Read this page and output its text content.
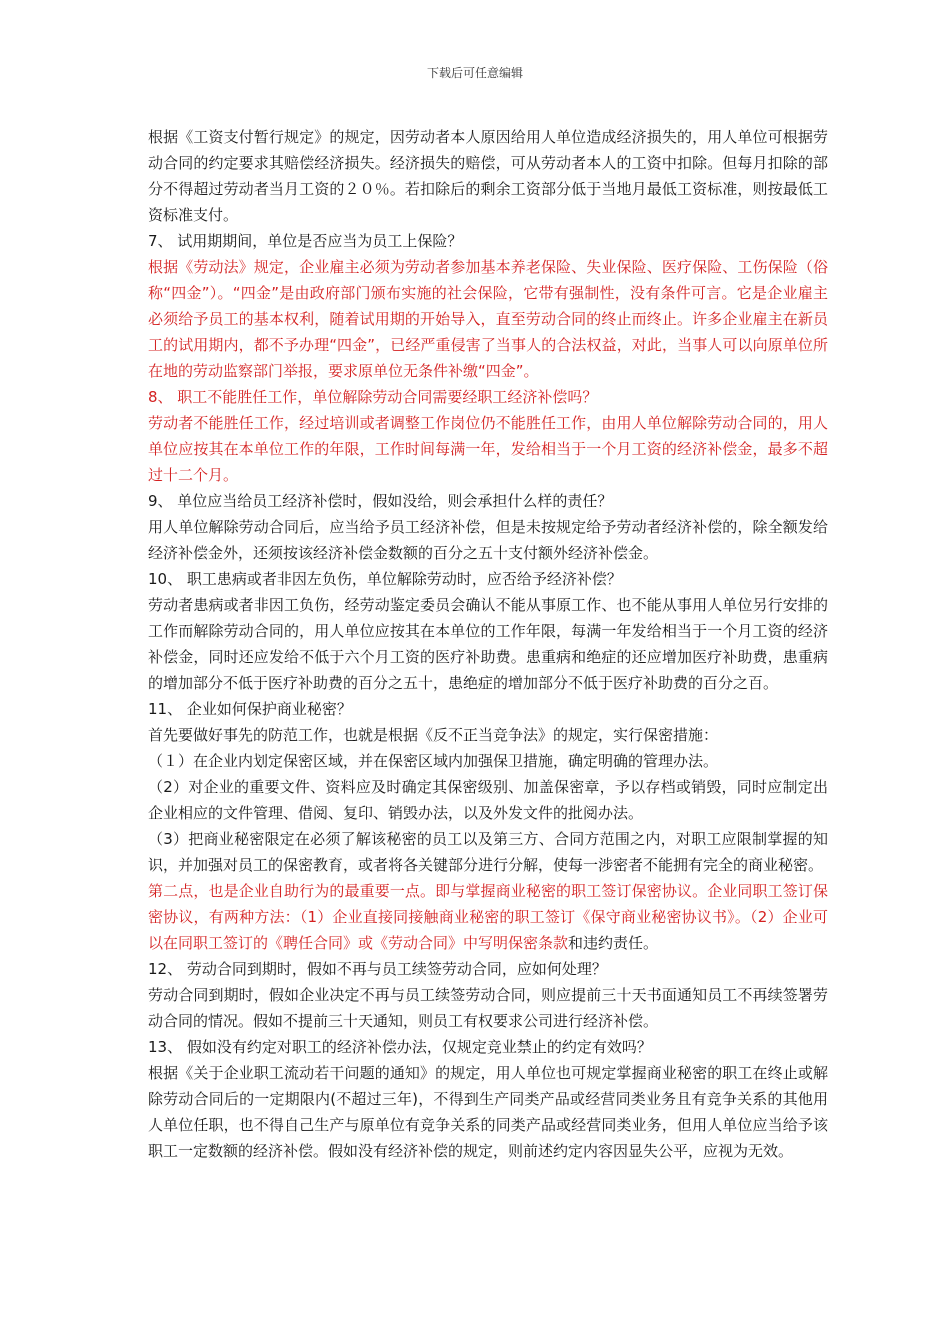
下载后可任意编辑

根据《工资支付暂行规定》的规定，因劳动者本人原因给用人单位造成经济损失的，用人单位可根据劳动合同的约定要求其赔偿经济损失。经济损失的赔偿，可从劳动者本人的工资中扣除。但每月扣除的部分不得超过劳动者当月工资的２０％。若扣除后的剩余工资部分低于当地月最低工资标准，则按最低工资标准支付。

7、 试用期期间，单位是否应当为员工上保险？

根据《劳动法》规定，企业雇主必须为劳动者参加基本养老保险、失业保险、医疗保险、工伤保险（俗称“四金”）。“四金”是由政府部门颁布实施的社会保险，它带有强制性，没有条件可言。它是企业雇主必须给予员工的基本权利，随着试用期的开始导入，直至劳动合同的终止而终止。许多企业雇主在新员工的试用期内，都不予办理“四金”，已经严重侵害了当事人的合法权益，对此，当事人可以向原单位所在地的劳动监察部门举报，要求原单位无条件补缴“四金”。

8、 职工不能胜任工作，单位解除劳动合同需要经职工经济补偿吗？

劳动者不能胜任工作，经过培训或者调整工作岗位仍不能胜任工作，由用人单位解除劳动合同的，用人单位应按其在本单位工作的年限，工作时间每满一年，发给相当于一个月工资的经济补偿金，最多不超过十二个月。

9、 单位应当给员工经济补偿时，假如没给，则会承担什么样的责任？

用人单位解除劳动合同后，应当给予员工经济补偿，但是未按规定给予劳动者经济补偿的，除全额发给经济补偿金外，还须按该经济补偿金数额的百分之五十支付额外经济补偿金。

10、 职工患病或者非因左负伤，单位解除劳动时，应否给予经济补偿？

劳动者患病或者非因工负伤，经劳动鉴定委员会确认不能从事原工作、也不能从事用人单位另行安排的工作而解除劳动合同的，用人单位应按其在本单位的工作年限，每满一年发给相当于一个月工资的经济补偿金，同时还应发给不低于六个月工资的医疗补助费。患重病和绝症的还应增加医疗补助费，患重病的增加部分不低于医疗补助费的百分之五十，患绝症的增加部分不低于医疗补助费的百分之百。

11、 企业如何保护商业秘密？

首先要做好事先的防范工作，也就是根据《反不正当竞争法》的规定，实行保密措施：

（１）在企业内划定保密区域，并在保密区域内加强保卫措施，确定明确的管理办法。

（2）对企业的重要文件、资料应及时确定其保密级别、加盖保密章，予以存档或销毁，同时应制定出企业相应的文件管理、借阅、复印、销毁办法，以及外发文件的批阅办法。

（3）把商业秘密限定在必须了解该秘密的员工以及第三方、合同方范围之内，对职工应限制掌握的知识，并加强对员工的保密教育，或者将各关键部分进行分解，使每一涉密者不能拥有完全的商业秘密。

第二点，也是企业自助行为的最重要一点。即与掌握商业秘密的职工签订保密协议。企业同职工签订保密协议，有两种方法：（1）企业直接同接触商业秘密的职工签订《保守商业秘密协议书》。（2）企业可以在同职工签订的《聘任合同》或《劳动合同》中写明保密条款和违约责任。

12、 劳动合同到期时，假如不再与员工续签劳动合同，应如何处理？

劳动合同到期时，假如企业决定不再与员工续签劳动合同，则应提前三十天书面通知员工不再续签署劳动合同的情况。假如不提前三十天通知，则员工有权要求公司进行经济补偿。

13、 假如没有约定对职工的经济补偿办法，仅规定竞业禁止的约定有效吗？

根据《关于企业职工流动若干问题的通知》的规定，用人单位也可规定掌握商业秘密的职工在终止或解除劳动合同后的一定期限内(不超过三年)，不得到生产同类产品或经营同类业务且有竞争关系的其他用人单位任职，也不得自己生产与原单位有竞争关系的同类产品或经营同类业务，但用人单位应当给予该职工一定数额的经济补偿。假如没有经济补偿的规定，则前述约定内容因显失公平，应视为无效。
